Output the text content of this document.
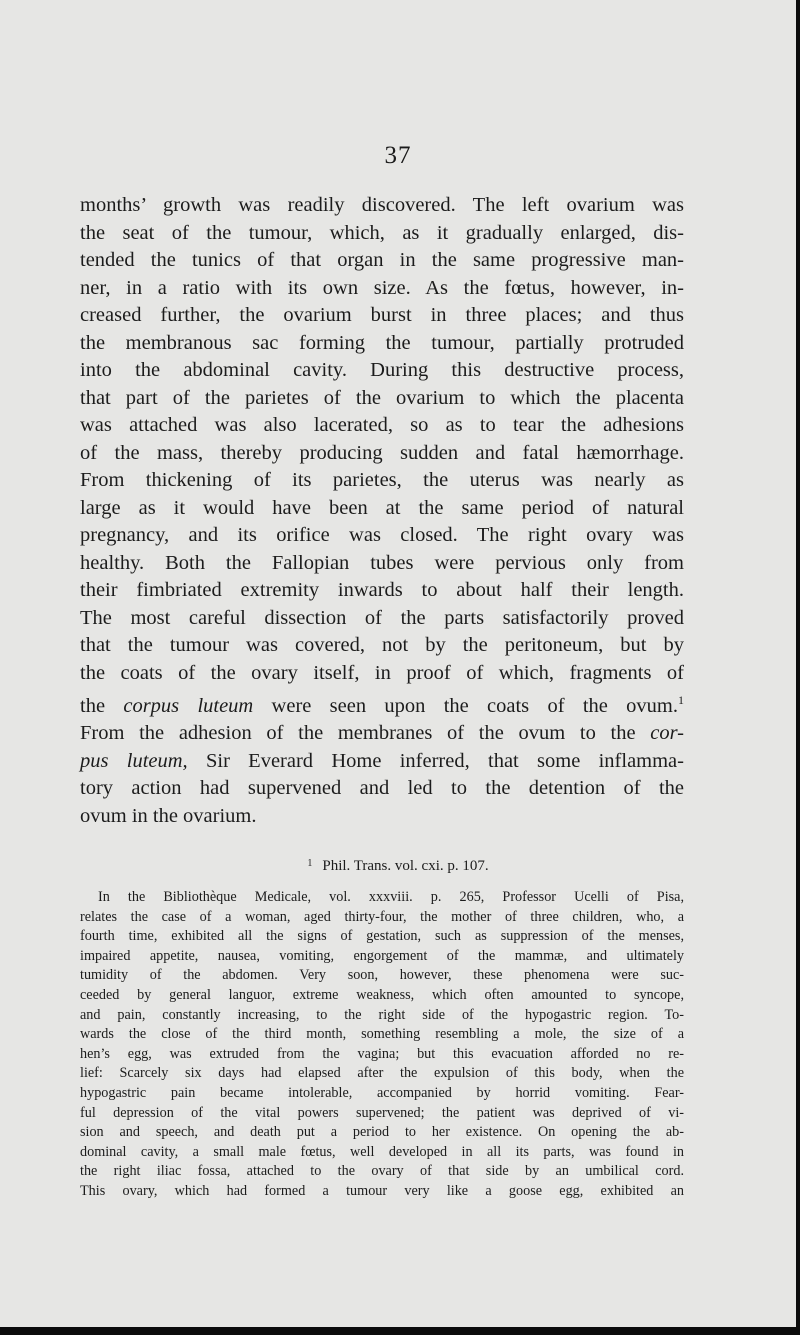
37
months’ growth was readily discovered. The left ovarium was
the seat of the tumour, which, as it gradually enlarged, dis-
tended the tunics of that organ in the same progressive man-
ner, in a ratio with its own size. As the fœtus, however, in-
creased further, the ovarium burst in three places; and thus
the membranous sac forming the tumour, partially protruded
into the abdominal cavity. During this destructive process,
that part of the parietes of the ovarium to which the placenta
was attached was also lacerated, so as to tear the adhesions
of the mass, thereby producing sudden and fatal hæmorrhage.
From thickening of its parietes, the uterus was nearly as
large as it would have been at the same period of natural
pregnancy, and its orifice was closed. The right ovary was
healthy. Both the Fallopian tubes were pervious only from
their fimbriated extremity inwards to about half their length.
The most careful dissection of the parts satisfactorily proved
that the tumour was covered, not by the peritoneum, but by
the coats of the ovary itself, in proof of which, fragments of
the corpus luteum were seen upon the coats of the ovum.$^1$
From the adhesion of the membranes of the ovum to the cor-
pus luteum, Sir Everard Home inferred, that some inflamma-
tory action had supervened and led to the detention of the
ovum in the ovarium.
$^1$ Phil. Trans. vol. cxi. p. 107.
In the Bibliothèque Medicale, vol. xxxviii. p. 265, Professor Ucelli of Pisa,
relates the case of a woman, aged thirty-four, the mother of three children, who, a
fourth time, exhibited all the signs of gestation, such as suppression of the menses,
impaired appetite, nausea, vomiting, engorgement of the mammæ, and ultimately
tumidity of the abdomen. Very soon, however, these phenomena were suc-
ceeded by general languor, extreme weakness, which often amounted to syncope,
and pain, constantly increasing, to the right side of the hypogastric region. To-
wards the close of the third month, something resembling a mole, the size of a
hen’s egg, was extruded from the vagina; but this evacuation afforded no re-
lief: Scarcely six days had elapsed after the expulsion of this body, when the
hypogastric pain became intolerable, accompanied by horrid vomiting. Fear-
ful depression of the vital powers supervened; the patient was deprived of vi-
sion and speech, and death put a period to her existence. On opening the ab-
dominal cavity, a small male fœtus, well developed in all its parts, was found in
the right iliac fossa, attached to the ovary of that side by an umbilical cord.
This ovary, which had formed a tumour very like a goose egg, exhibited an
